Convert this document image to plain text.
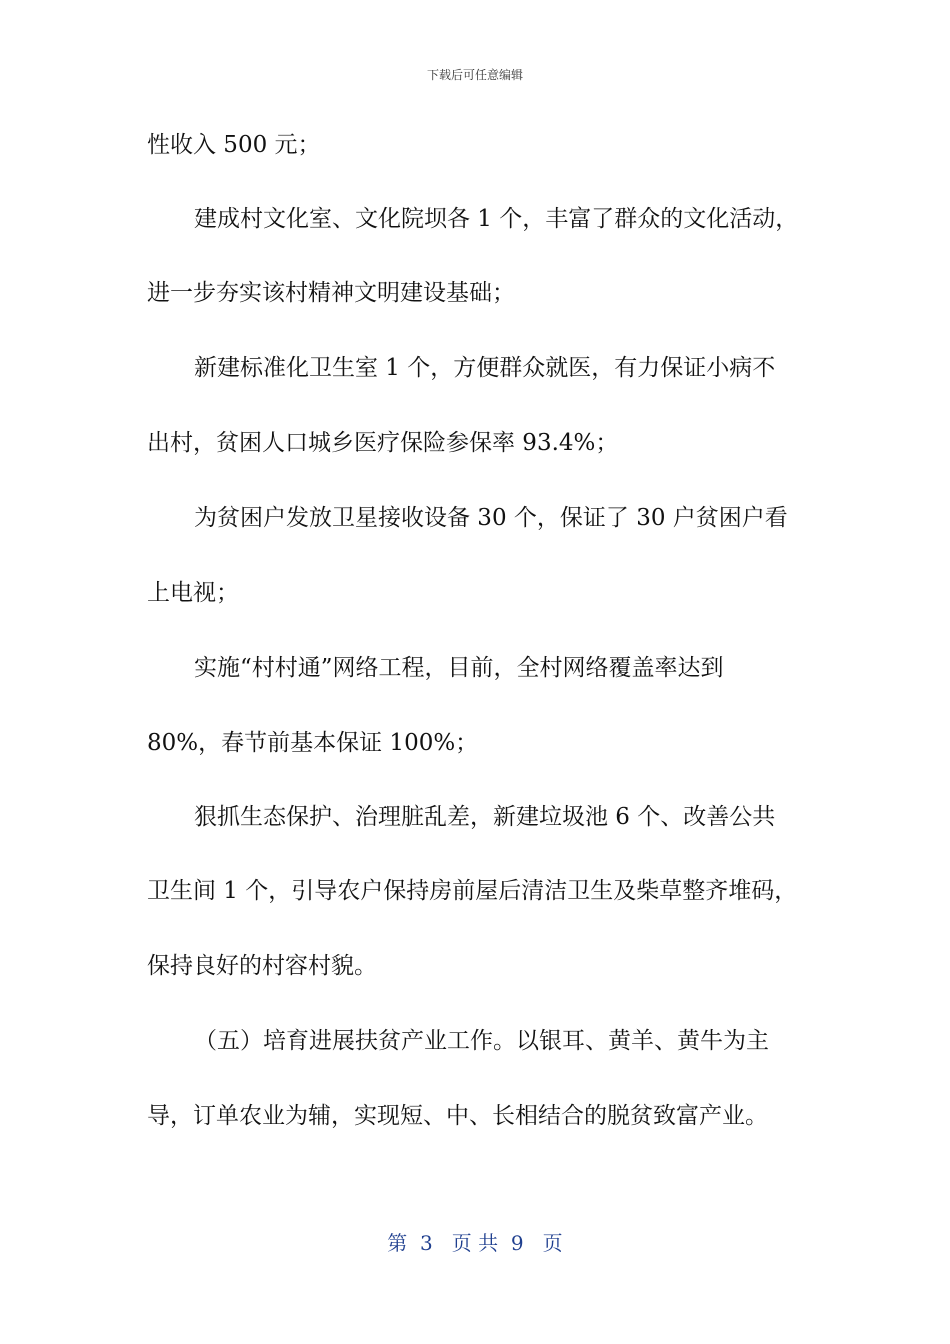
下载后可任意编辑
性收入 500 元；
建成村文化室、文化院坝各 1 个，丰富了群众的文化活动，
进一步夯实该村精神文明建设基础；
新建标准化卫生室 1 个，方便群众就医，有力保证小病不
出村，贫困人口城乡医疗保险参保率 93.4%；
为贫困户发放卫星接收设备 30 个，保证了 30 户贫困户看
上电视；
实施“村村通”网络工程，目前，全村网络覆盖率达到
80%，春节前基本保证 100%；
狠抓生态保护、治理脏乱差，新建垃圾池 6 个、改善公共
卫生间 1 个，引导农户保持房前屋后清洁卫生及柴草整齐堆码，
保持良好的村容村貌。
（五）培育进展扶贫产业工作。以银耳、黄羊、黄牛为主
导，订单农业为辅，实现短、中、长相结合的脱贫致富产业。
第  3   页 共  9   页
